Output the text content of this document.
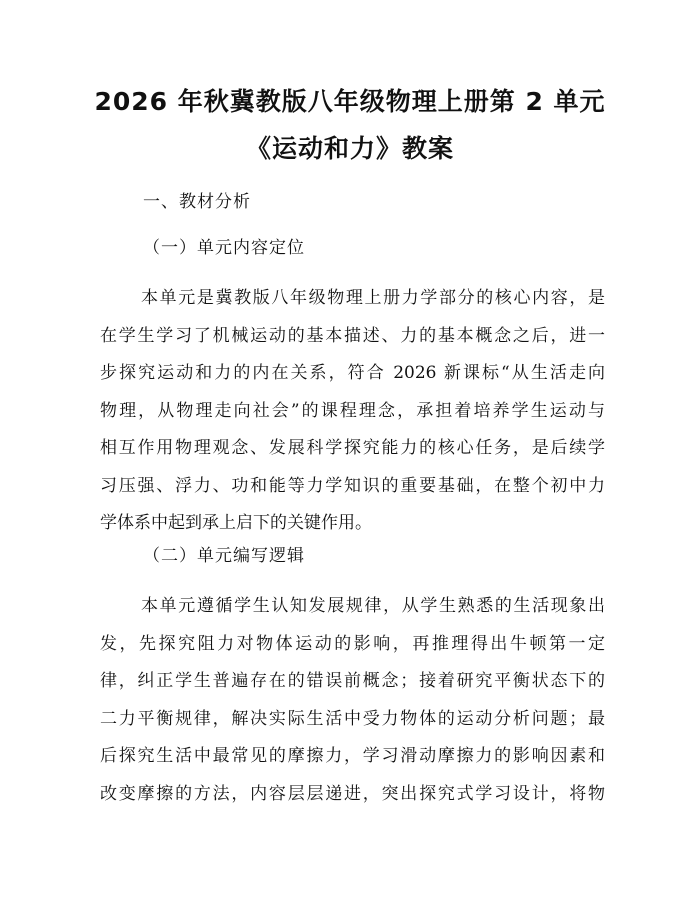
2026 年秋冀教版八年级物理上册第 2 单元
《运动和力》教案
一、教材分析
（一）单元内容定位
本单元是冀教版八年级物理上册力学部分的核心内容，是
在学生学习了机械运动的基本描述、力的基本概念之后，进一
步探究运动和力的内在关系，符合 2026 新课标“从生活走向
物理，从物理走向社会”的课程理念，承担着培养学生运动与
相互作用物理观念、发展科学探究能力的核心任务，是后续学
习压强、浮力、功和能等力学知识的重要基础，在整个初中力
学体系中起到承上启下的关键作用。
（二）单元编写逻辑
本单元遵循学生认知发展规律，从学生熟悉的生活现象出
发，先探究阻力对物体运动的影响，再推理得出牛顿第一定
律，纠正学生普遍存在的错误前概念；接着研究平衡状态下的
二力平衡规律，解决实际生活中受力物体的运动分析问题；最
后探究生活中最常见的摩擦力，学习滑动摩擦力的影响因素和
改变摩擦的方法，内容层层递进，突出探究式学习设计，将物
